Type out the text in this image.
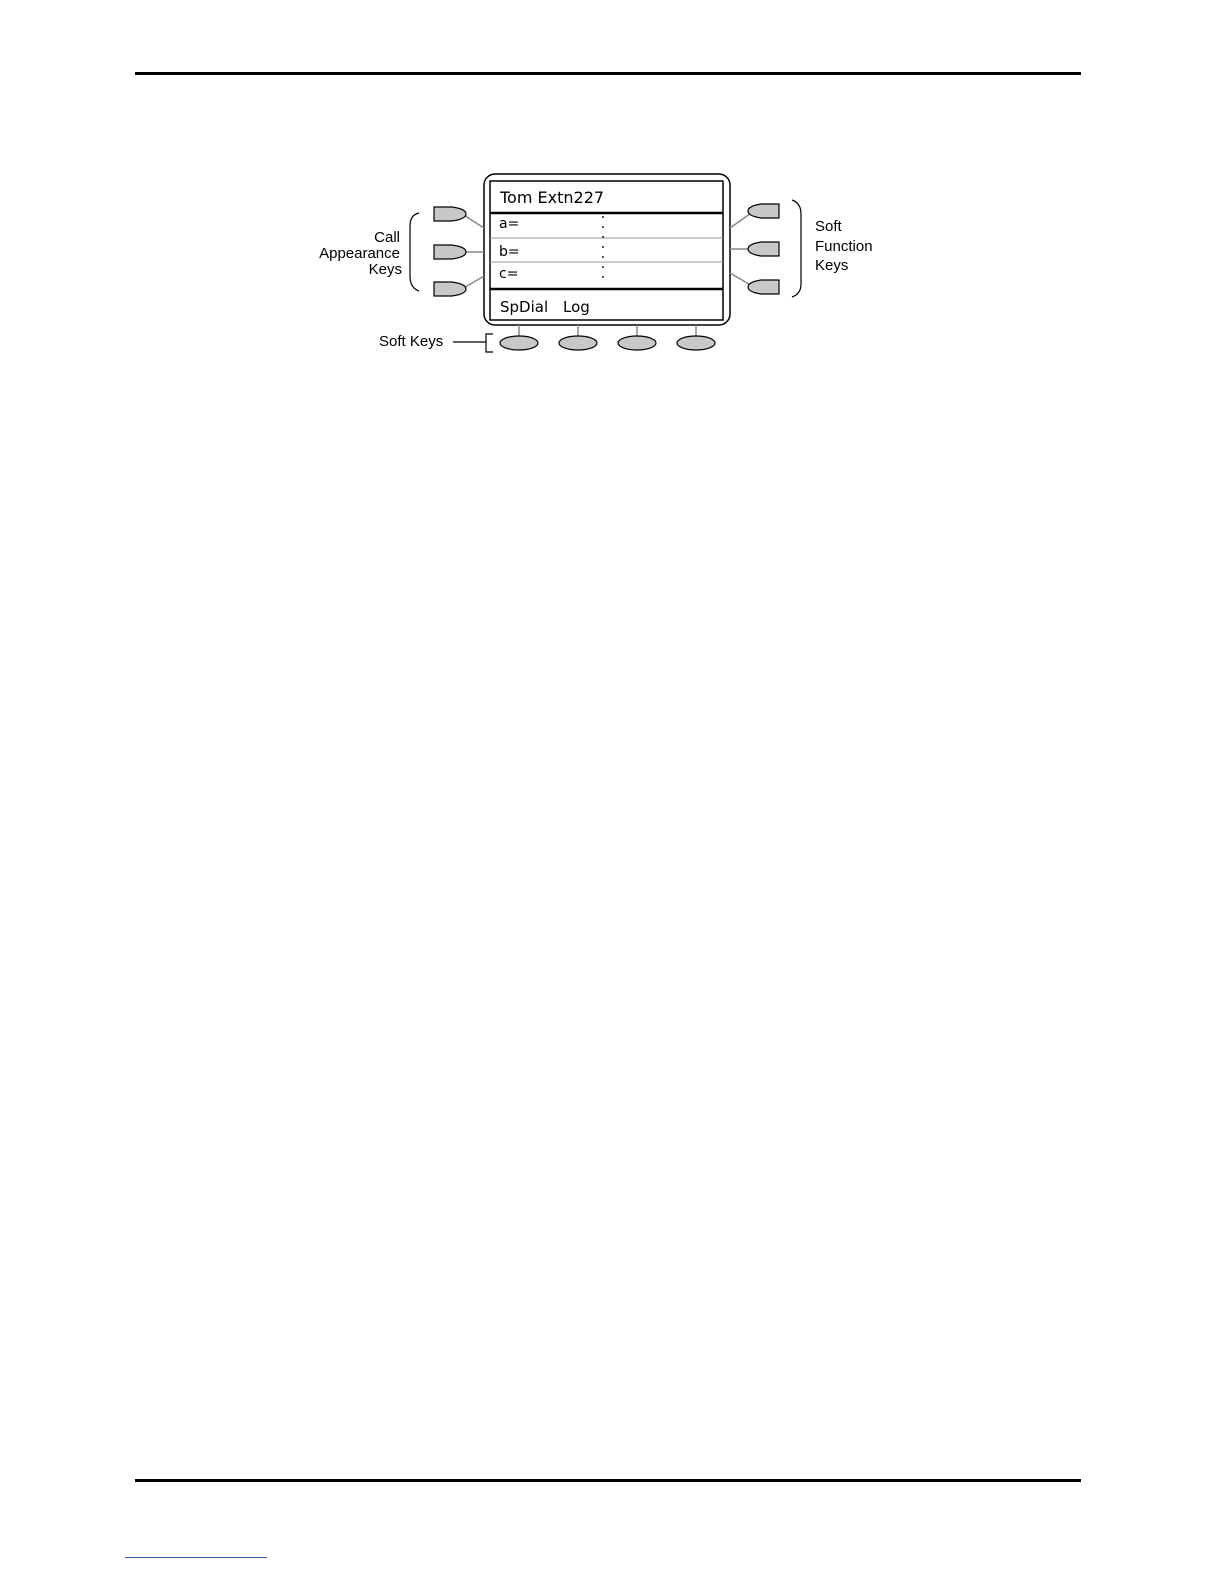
Tom Extn227
a=
b=
c=
SpDial Log
Call
Appearance
Keys
Soft
Function
Keys
Soft Keys
